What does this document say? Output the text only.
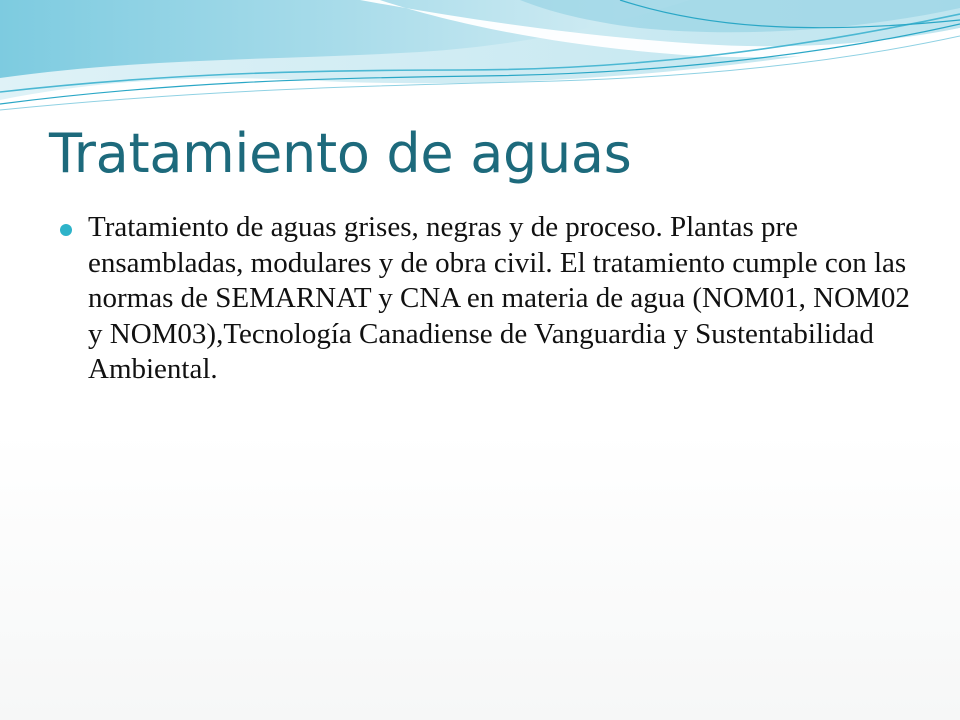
Tratamiento de aguas
Tratamiento de aguas grises, negras y de proceso. Plantas pre ensambladas, modulares y de obra civil. El tratamiento cumple con las normas de SEMARNAT y CNA en materia de agua (NOM01, NOM02 y NOM03),Tecnología Canadiense de Vanguardia y Sustentabilidad Ambiental.
